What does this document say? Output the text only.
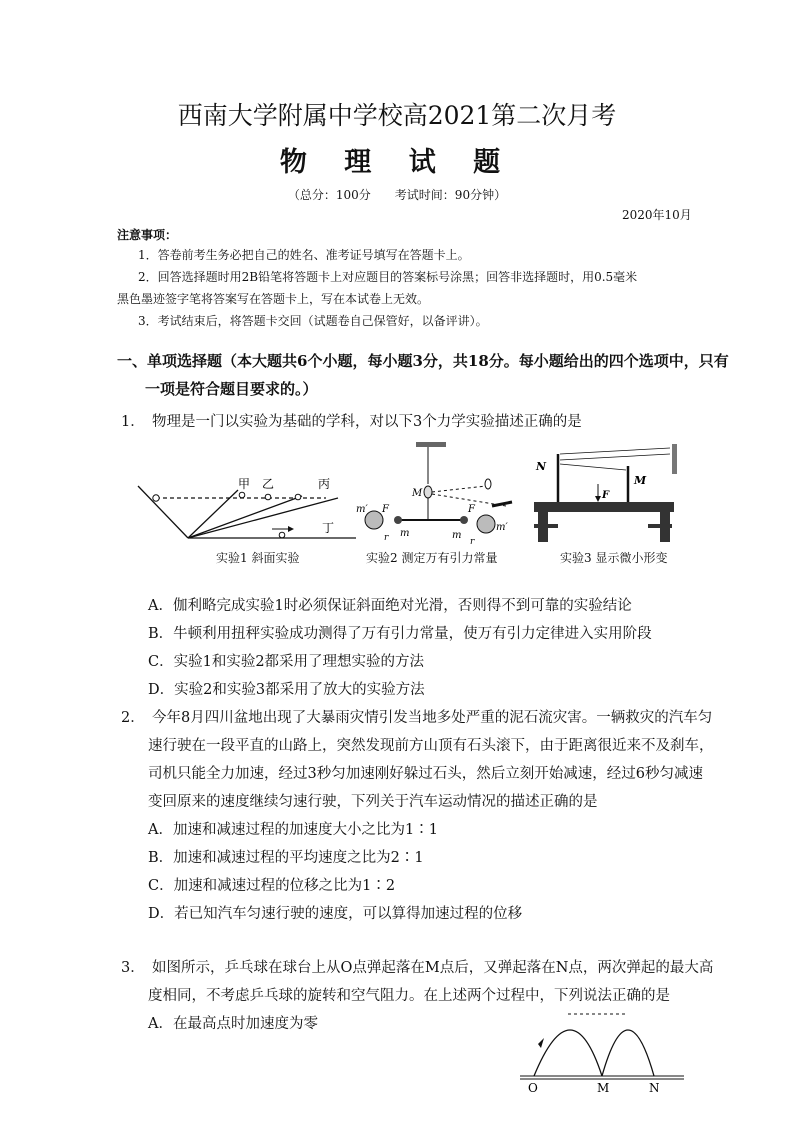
西南大学附属中学校高2021第二次月考
物 理 试 题
（总分：100分　　考试时间：90分钟）
2020年10月
注意事项：
1．答卷前考生务必把自己的姓名、准考证号填写在答题卡上。
2．回答选择题时用2B铅笔将答题卡上对应题目的答案标号涂黑；回答非选择题时，用0.5毫米
黑色墨迹签字笔将答案写在答题卡上，写在本试卷上无效。
3．考试结束后，将答题卡交回（试题卷自己保管好，以备评讲）。
一、单项选择题（本大题共6个小题，每小题3分，共18分。每小题给出的四个选项中，只有
一项是符合题目要求的。）
1．　物理是一门以实验为基础的学科，对以下3个力学实验描述正确的是
甲 乙	丙
丁
M
F	F
m′
m′
m	m
r	r
N
M
F
实验1 斜面实验	实验2 测定万有引力常量	实验3 显示微小形变
A．伽利略完成实验1时必须保证斜面绝对光滑，否则得不到可靠的实验结论
B．牛顿利用扭秤实验成功测得了万有引力常量，使万有引力定律进入实用阶段
C．实验1和实验2都采用了理想实验的方法
D．实验2和实验3都采用了放大的实验方法
2．　今年8月四川盆地出现了大暴雨灾情引发当地多处严重的泥石流灾害。一辆救灾的汽车匀
速行驶在一段平直的山路上，突然发现前方山顶有石头滚下，由于距离很近来不及刹车，
司机只能全力加速，经过3秒匀加速刚好躲过石头，然后立刻开始减速，经过6秒匀减速
变回原来的速度继续匀速行驶，下列关于汽车运动情况的描述正确的是
A．加速和减速过程的加速度大小之比为1∶1
B．加速和减速过程的平均速度之比为2∶1
C．加速和减速过程的位移之比为1∶2
D．若已知汽车匀速行驶的速度，可以算得加速过程的位移
3．　如图所示，乒乓球在球台上从O点弹起落在M点后，又弹起落在N点，两次弹起的最大高
度相同，不考虑乒乓球的旋转和空气阻力。在上述两个过程中，下列说法正确的是
A．在最高点时加速度为零
O	M	N
